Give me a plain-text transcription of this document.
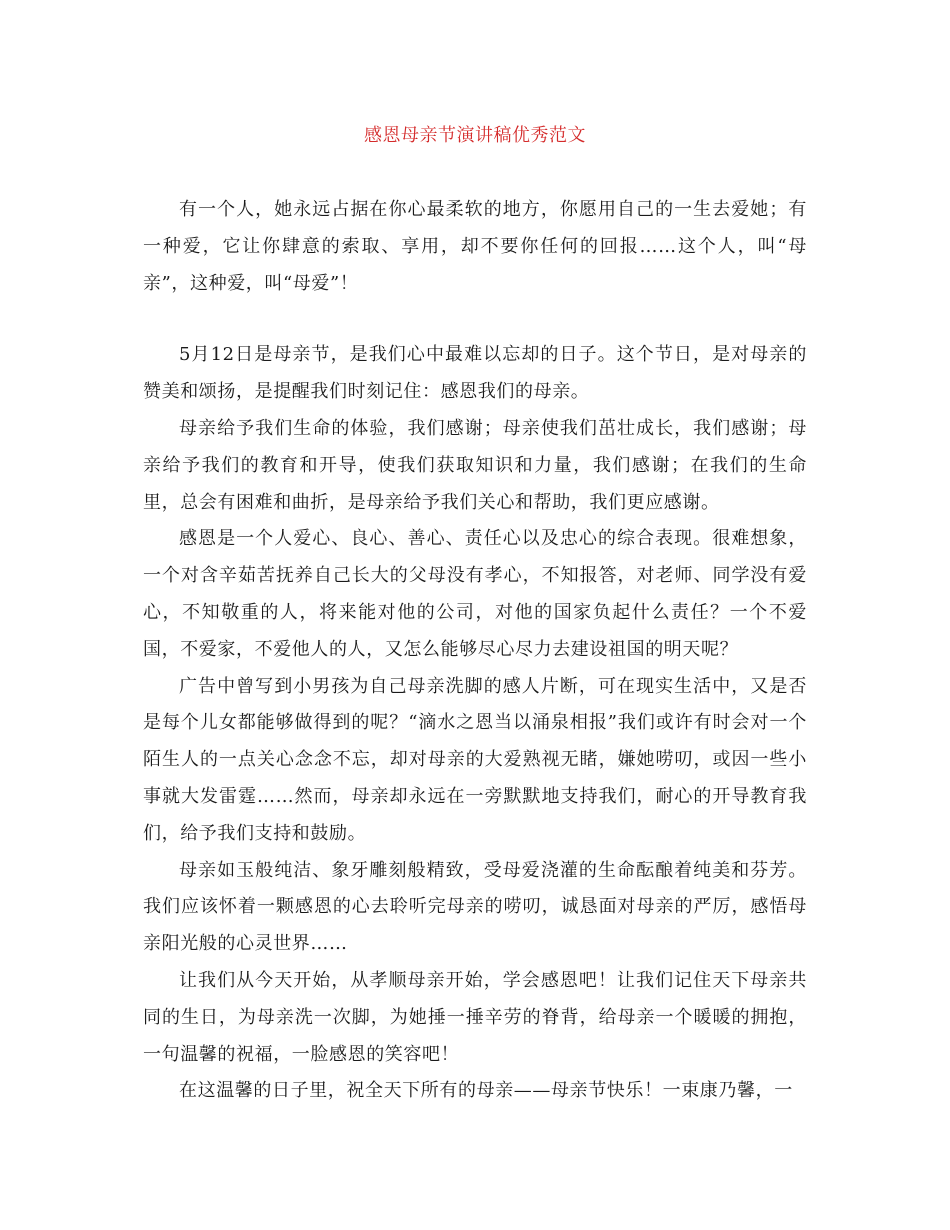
感恩母亲节演讲稿优秀范文

有一个人，她永远占据在你心最柔软的地方，你愿用自己的一生去爱她；有一种爱，它让你肆意的索取、享用，却不要你任何的回报……这个人，叫“母亲”，这种爱，叫“母爱”！

5月12日是母亲节，是我们心中最难以忘却的日子。这个节日，是对母亲的赞美和颂扬，是提醒我们时刻记住：感恩我们的母亲。

母亲给予我们生命的体验，我们感谢；母亲使我们茁壮成长，我们感谢；母亲给予我们的教育和开导，使我们获取知识和力量，我们感谢；在我们的生命里，总会有困难和曲折，是母亲给予我们关心和帮助，我们更应感谢。

感恩是一个人爱心、良心、善心、责任心以及忠心的综合表现。很难想象，一个对含辛茹苦抚养自己长大的父母没有孝心，不知报答，对老师、同学没有爱心，不知敬重的人，将来能对他的公司，对他的国家负起什么责任？一个不爱国，不爱家，不爱他人的人，又怎么能够尽心尽力去建设祖国的明天呢？

广告中曾写到小男孩为自己母亲洗脚的感人片断，可在现实生活中，又是否是每个儿女都能够做得到的呢？“滴水之恩当以涌泉相报”我们或许有时会对一个陌生人的一点关心念念不忘，却对母亲的大爱熟视无睹，嫌她唠叨，或因一些小事就大发雷霆……然而，母亲却永远在一旁默默地支持我们，耐心的开导教育我们，给予我们支持和鼓励。

母亲如玉般纯洁、象牙雕刻般精致，受母爱浇灌的生命酝酿着纯美和芬芳。我们应该怀着一颗感恩的心去聆听完母亲的唠叨，诚恳面对母亲的严厉，感悟母亲阳光般的心灵世界……

让我们从今天开始，从孝顺母亲开始，学会感恩吧！让我们记住天下母亲共同的生日，为母亲洗一次脚，为她捶一捶辛劳的脊背，给母亲一个暖暖的拥抱，一句温馨的祝福，一脸感恩的笑容吧！

在这温馨的日子里，祝全天下所有的母亲——母亲节快乐！一束康乃馨，一
